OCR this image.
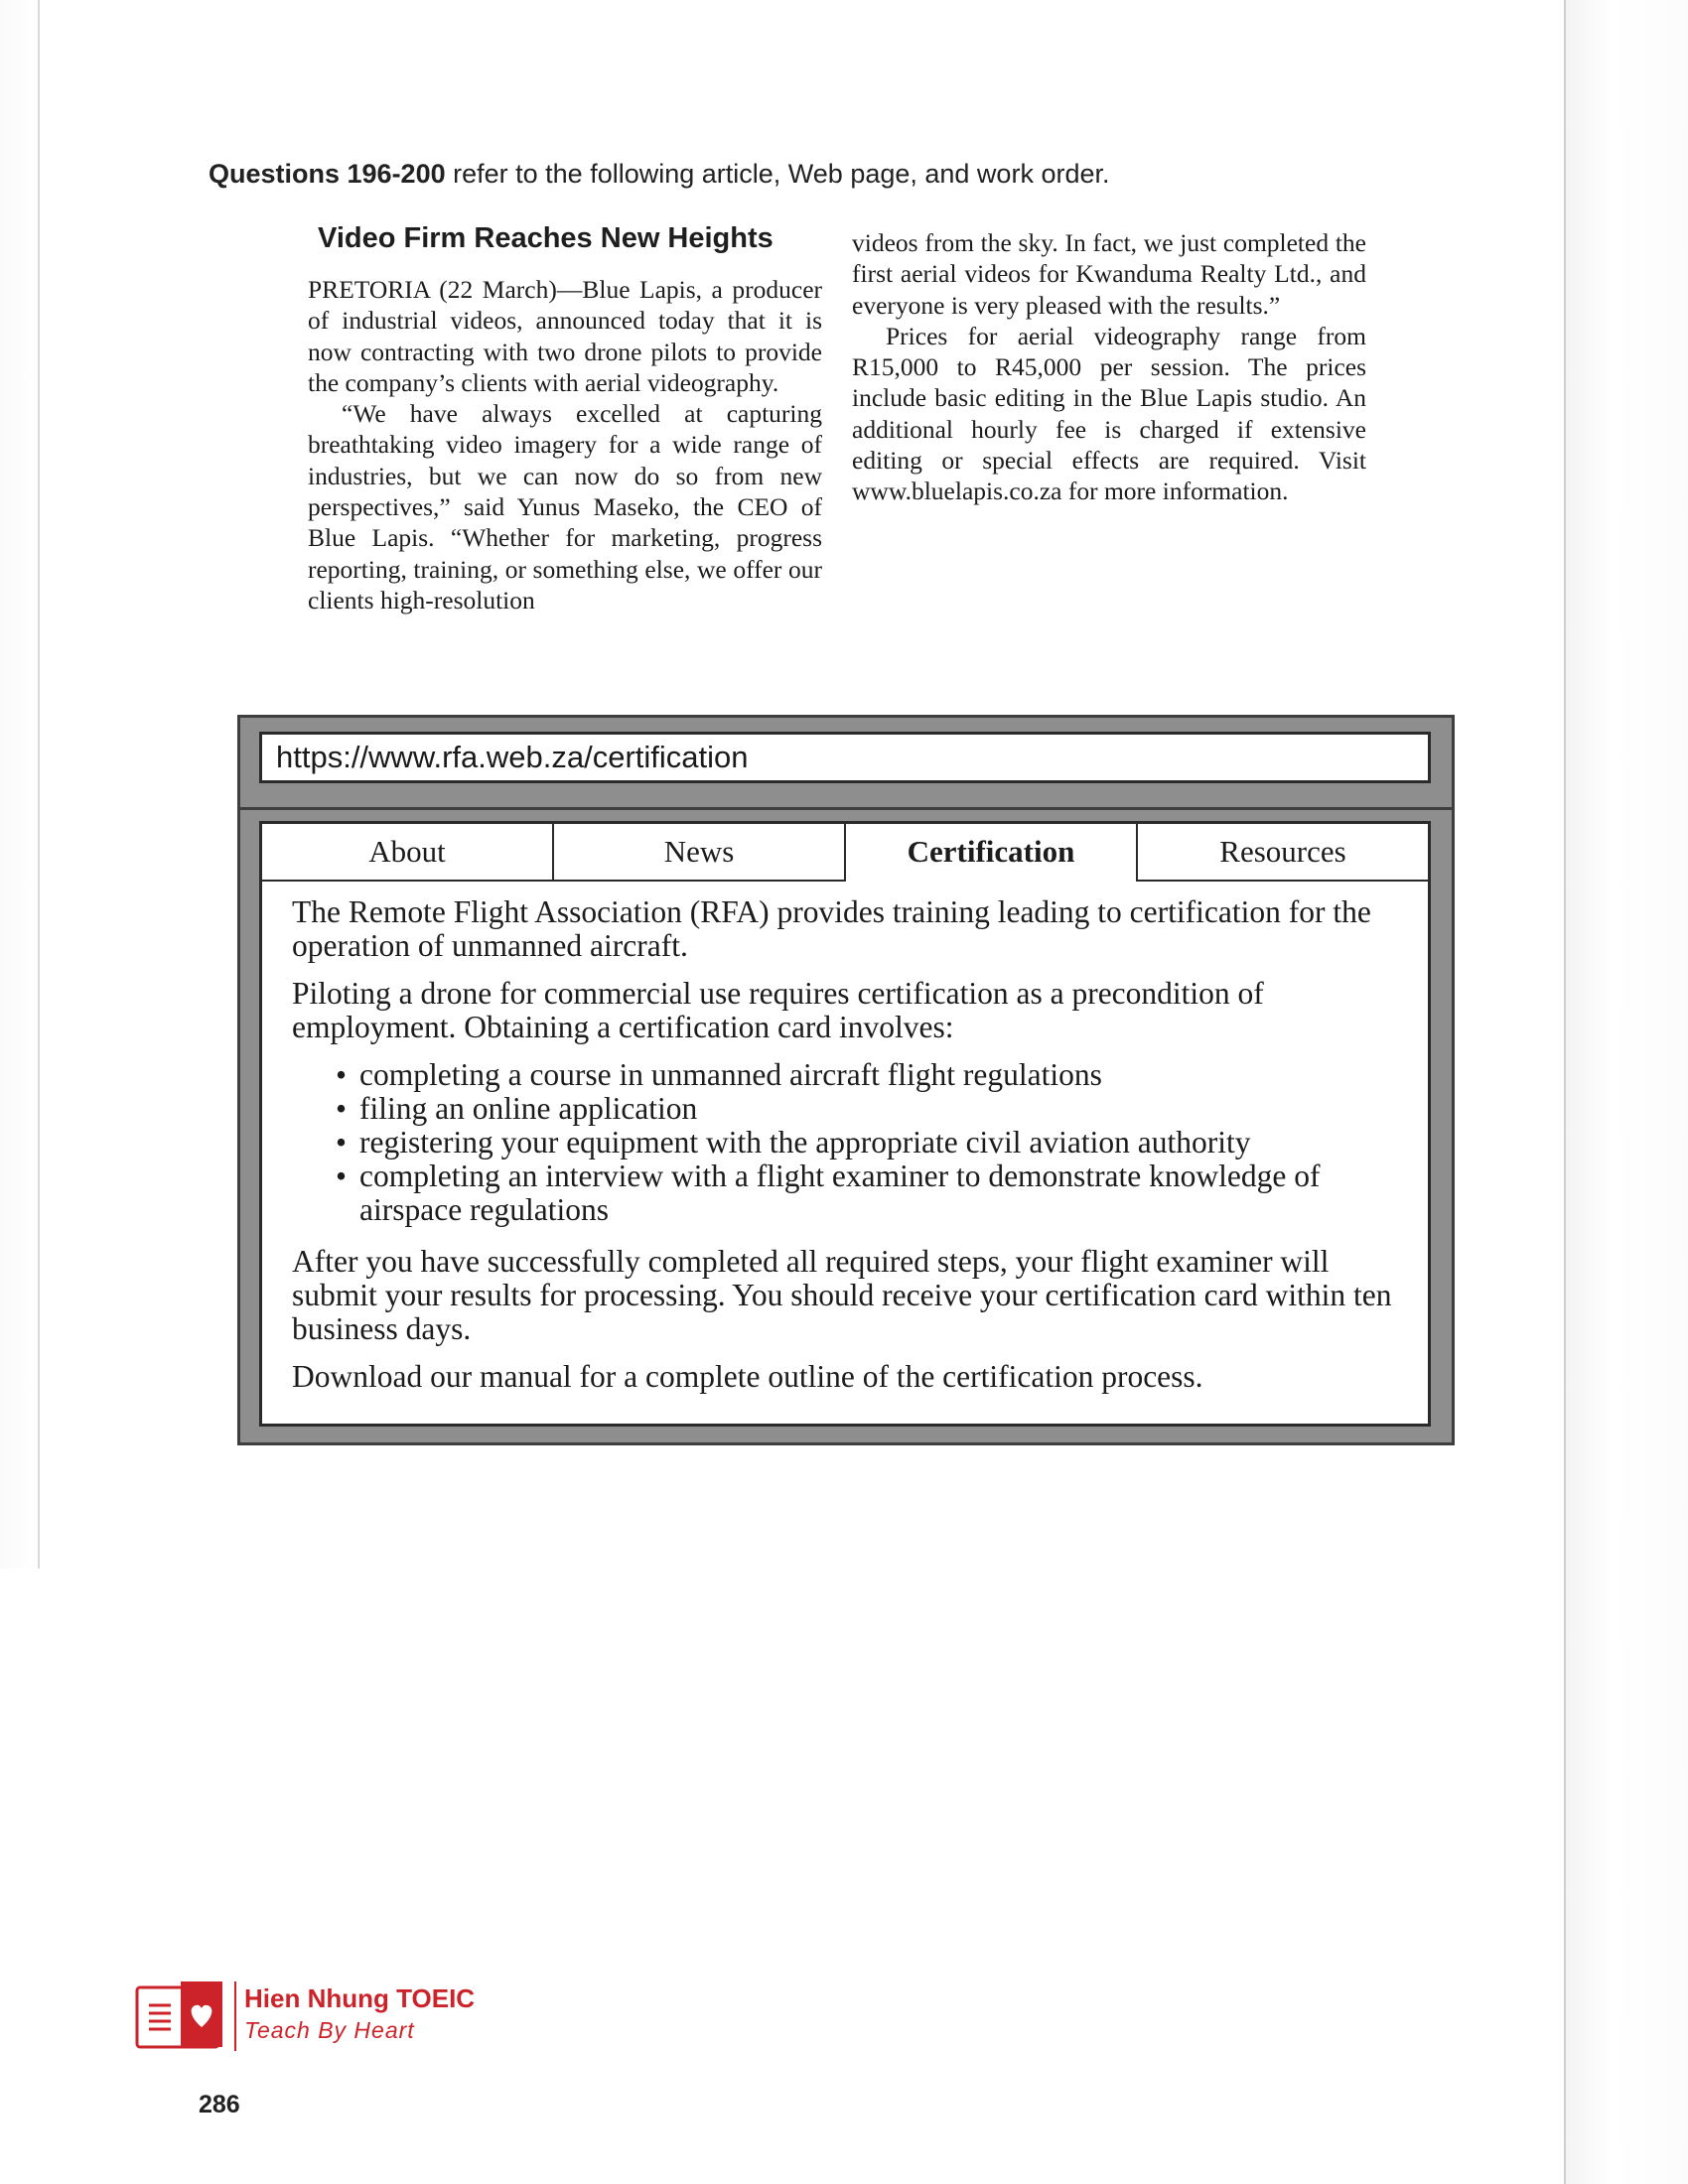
Questions 196-200 refer to the following article, Web page, and work order.
Video Firm Reaches New Heights

PRETORIA (22 March)—Blue Lapis, a producer of industrial videos, announced today that it is now contracting with two drone pilots to provide the company’s clients with aerial videography.

“We have always excelled at capturing breathtaking video imagery for a wide range of industries, but we can now do so from new perspectives,” said Yunus Maseko, the CEO of Blue Lapis. “Whether for marketing, progress reporting, training, or something else, we offer our clients high-resolution

videos from the sky. In fact, we just completed the first aerial videos for Kwanduma Realty Ltd., and everyone is very pleased with the results.”

Prices for aerial videography range from R15,000 to R45,000 per session. The prices include basic editing in the Blue Lapis studio. An additional hourly fee is charged if extensive editing or special effects are required. Visit www.bluelapis.co.za for more information.

https://www.rfa.web.za/certification
About	News	Certification	Resources

The Remote Flight Association (RFA) provides training leading to certification for the operation of unmanned aircraft.

Piloting a drone for commercial use requires certification as a precondition of employment. Obtaining a certification card involves:

• completing a course in unmanned aircraft flight regulations
• filing an online application
• registering your equipment with the appropriate civil aviation authority
• completing an interview with a flight examiner to demonstrate knowledge of airspace regulations

After you have successfully completed all required steps, your flight examiner will submit your results for processing. You should receive your certification card within ten business days.

Download our manual for a complete outline of the certification process.

Hien Nhung TOEIC
Teach By Heart
286
